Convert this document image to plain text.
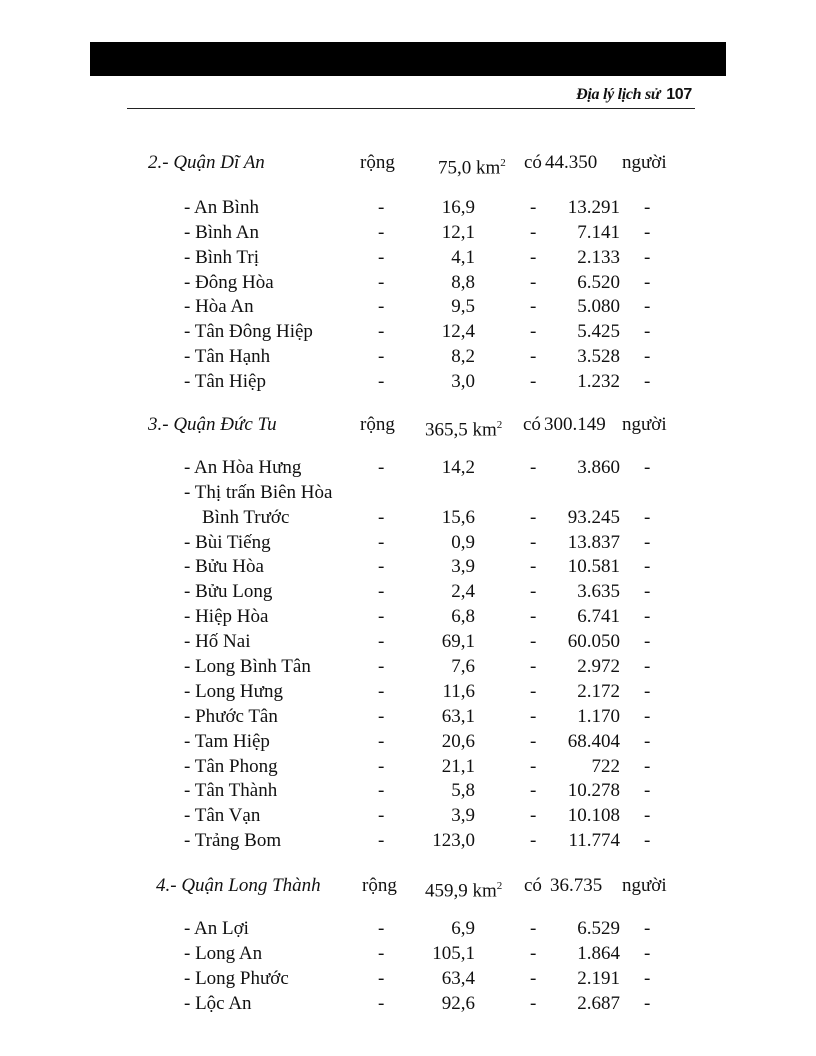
Địa lý lịch sử 107
2.- Quận Dĩ An	rộng 75,0 $km^2$ có 44.350 người
- An Bình	-	16,9	- 13.291 -
- Bình An	-	12,1	- 7.141 -
- Bình Trị	-	4,1	- 2.133 -
- Đông Hòa	-	8,8	- 6.520 -
- Hòa An	-	9,5	- 5.080 -
- Tân Đông Hiệp	-	12,4	- 5.425 -
- Tân Hạnh	-	8,2	- 3.528 -
- Tân Hiệp	-	3,0	- 1.232 -
3.- Quận Đức Tu	rộng 365,5 $km^2$ có 300.149 người
- An Hòa Hưng	-	14,2	- 3.860 -
- Thị trấn Biên Hòa
Bình Trước	-	15,6	- 93.245 -
- Bùi Tiếng	-	0,9	- 13.837 -
- Bửu Hòa	-	3,9	- 10.581 -
- Bửu Long	-	2,4	- 3.635 -
- Hiệp Hòa	-	6,8	- 6.741 -
- Hố Nai	-	69,1	- 60.050 -
- Long Bình Tân	-	7,6	- 2.972 -
- Long Hưng	-	11,6	- 2.172 -
- Phước Tân	-	63,1	- 1.170 -
- Tam Hiệp	-	20,6	- 68.404 -
- Tân Phong	-	21,1	-	722 -
- Tân Thành	-	5,8	- 10.278 -
- Tân Vạn	-	3,9	- 10.108 -
- Trảng Bom	-	123,0	- 11.774 -
4.- Quận Long Thành rộng 459,9 $km^2$ có 36.735 người
- An Lợi	-	6,9	- 6.529 -
- Long An	-	105,1	- 1.864 -
- Long Phước	-	63,4	- 2.191 -
- Lộc An	-	92,6	- 2.687 -
